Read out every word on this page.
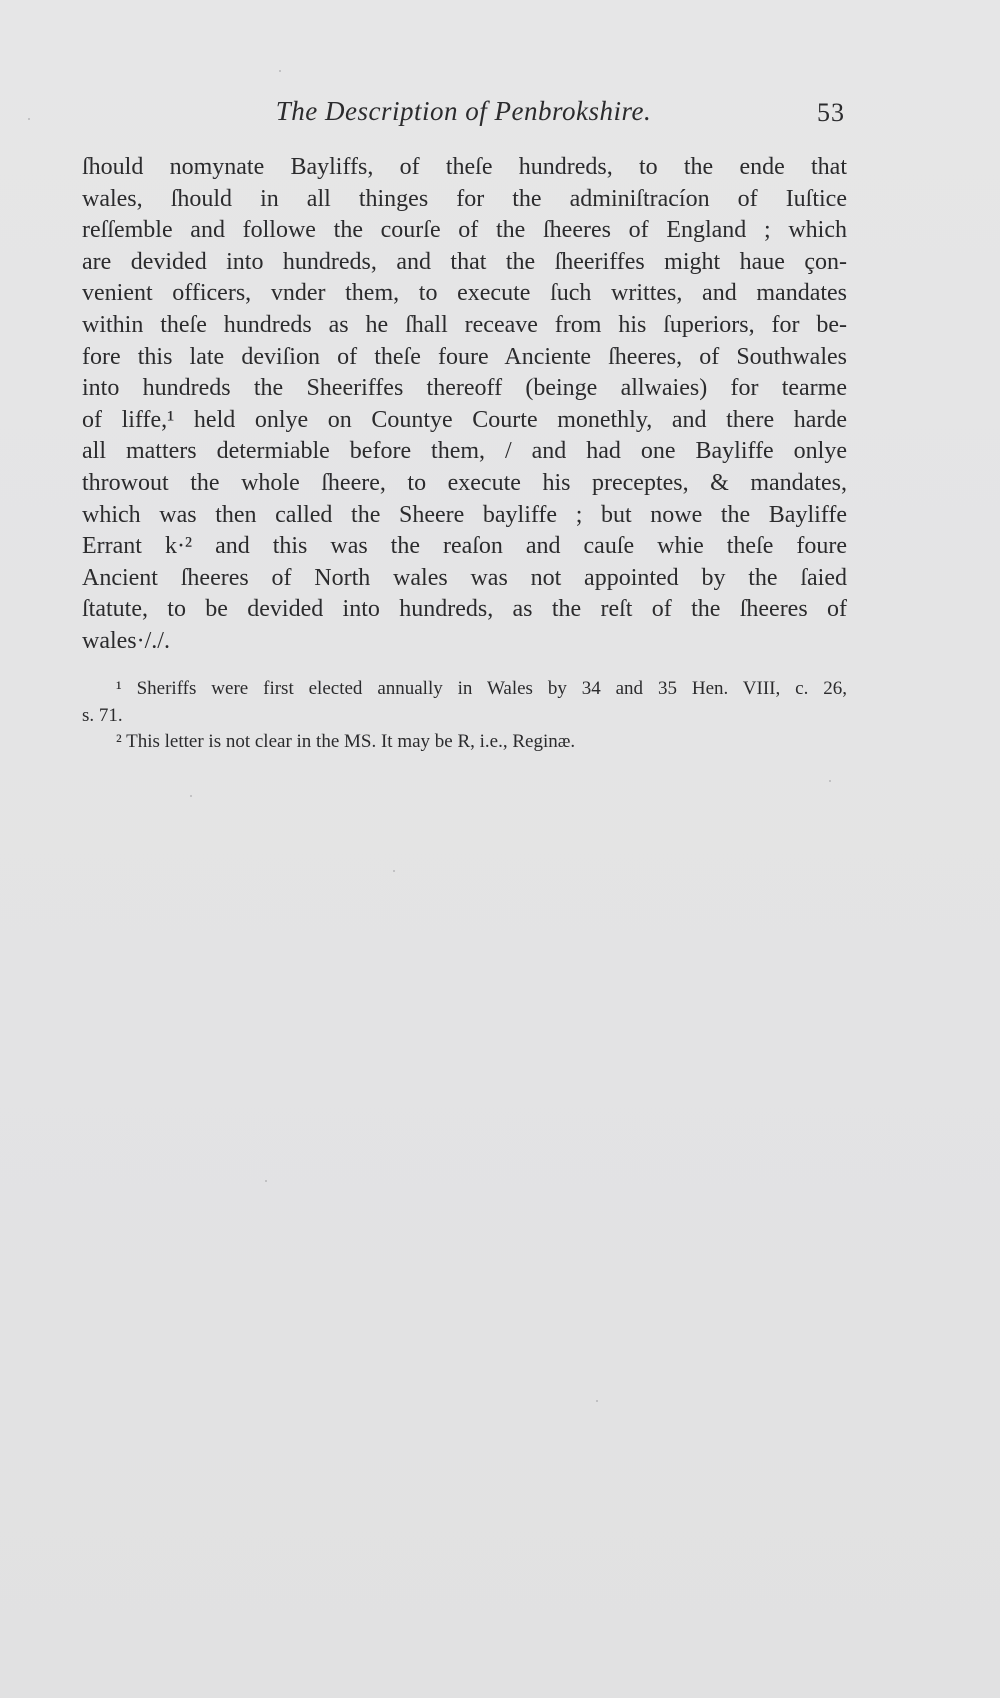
The Description of Penbrokshire.	53
ſhould nomynate Bayliffs, of theſe hundreds, to the ende that
wales, ſhould in all thinges for the adminiſtracíon of Iuſtice
reſſemble and followe the courſe of the ſheeres of England ; which
are devided into hundreds, and that the ſheeriffes might haue çon-
venient officers, vnder them, to execute ſuch writtes, and mandates
within theſe hundreds as he ſhall receave from his ſuperiors, for be-
fore this late deviſion of theſe foure Anciente ſheeres, of Southwales
into hundreds the Sheeriffes thereoff (beinge allwaies) for tearme
of liffe,¹ held onlye on Countye Courte monethly, and there harde
all matters determiable before them, / and had one Bayliffe onlye
throwout the whole ſheere, to execute his preceptes, & mandates,
which was then called the Sheere bayliffe ; but nowe the Bayliffe
Errant k·² and this was the reaſon and cauſe whie theſe foure
Ancient ſheeres of North wales was not appointed by the ſaied
ſtatute, to be devided into hundreds, as the reſt of the ſheeres of
wales·/./.
¹ Sheriffs were first elected annually in Wales by 34 and 35 Hen. VIII, c. 26,
s. 71.
² This letter is not clear in the MS. It may be R, i.e., Reginæ.
